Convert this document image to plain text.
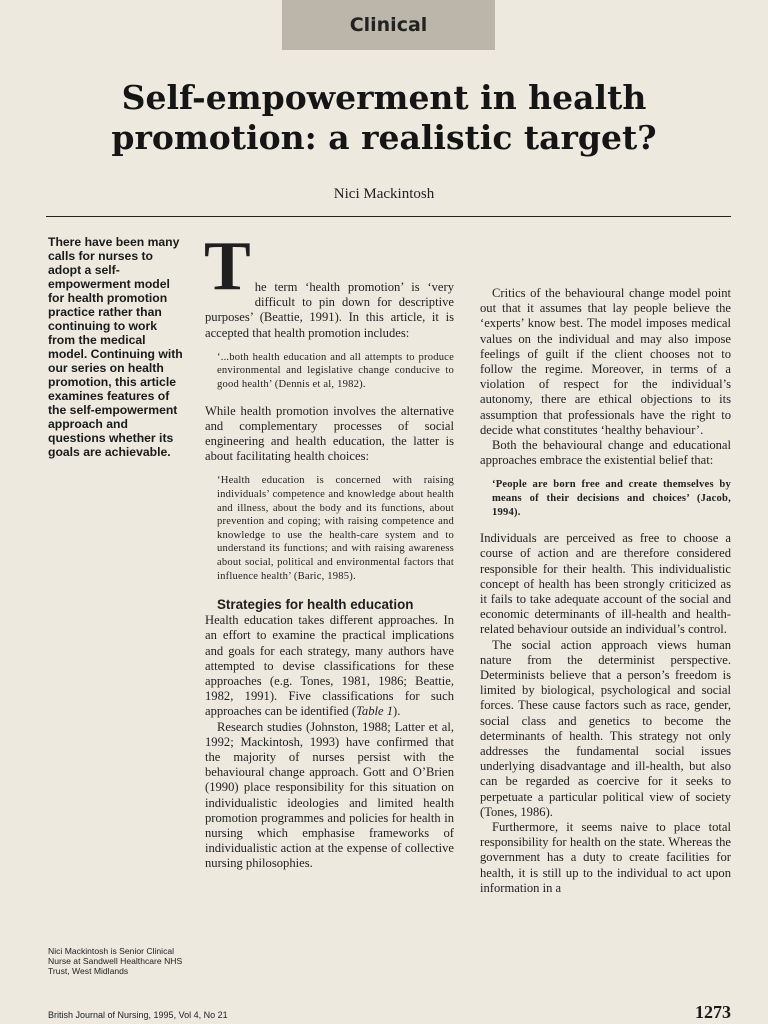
Clinical
Self-empowerment in health
promotion: a realistic target?
Nici Mackintosh
There have been many calls for nurses to adopt a self-empowerment model for health promotion practice rather than continuing to work from the medical model. Continuing with our series on health promotion, this article examines features of the self-empowerment approach and questions whether its goals are achievable.
Nici Mackintosh is Senior Clinical Nurse at Sandwell Healthcare NHS Trust, West Midlands

The term ‘health promotion’ is ‘very difficult to pin down for descriptive purposes’ (Beattie, 1991). In this article, it is accepted that health promotion includes:

‘...both health education and all attempts to produce environmental and legislative change conducive to good health’ (Dennis et al, 1982).

While health promotion involves the alternative and complementary processes of social engineering and health education, the latter is about facilitating health choices:

‘Health education is concerned with raising individuals’ competence and knowledge about health and illness, about the body and its functions, about prevention and coping; with raising competence and knowledge to use the health-care system and to understand its functions; and with raising awareness about social, political and environmental factors that influence health’ (Baric, 1985).
Strategies for health education

Health education takes different approaches. In an effort to examine the practical implications and goals for each strategy, many authors have attempted to devise classifications for these approaches (e.g. Tones, 1981, 1986; Beattie, 1982, 1991). Five classifications for such approaches can be identified (Table 1).

Research studies (Johnston, 1988; Latter et al, 1992; Mackintosh, 1993) have confirmed that the majority of nurses persist with the behavioural change approach. Gott and O’Brien (1990) place responsibility for this situation on individualistic ideologies and limited health promotion programmes and policies for health in nursing which emphasise frameworks of individualistic action at the expense of collective nursing philosophies.

Critics of the behavioural change model point out that it assumes that lay people believe the ‘experts’ know best. The model imposes medical values on the individual and may also impose feelings of guilt if the client chooses not to follow the regime. Moreover, in terms of a violation of respect for the individual’s autonomy, there are ethical objections to its assumption that professionals have the right to decide what constitutes ‘healthy behaviour’.

Both the behavioural change and educational approaches embrace the existential belief that:

‘People are born free and create themselves by means of their decisions and choices’ (Jacob, 1994).

Individuals are perceived as free to choose a course of action and are therefore considered responsible for their health. This individualistic concept of health has been strongly criticized as it fails to take adequate account of the social and economic determinants of ill-health and health-related behaviour outside an individual’s control.

The social action approach views human nature from the determinist perspective. Determinists believe that a person’s freedom is limited by biological, psychological and social forces. These cause factors such as race, gender, social class and genetics to become the determinants of health. This strategy not only addresses the fundamental social issues underlying disadvantage and ill-health, but also can be regarded as coercive for it seeks to perpetuate a particular political view of society (Tones, 1986).

Furthermore, it seems naive to place total responsibility for health on the state. Whereas the government has a duty to create facilities for health, it is still up to the individual to act upon information in a

British Journal of Nursing, 1995, Vol 4, No 21	1273
